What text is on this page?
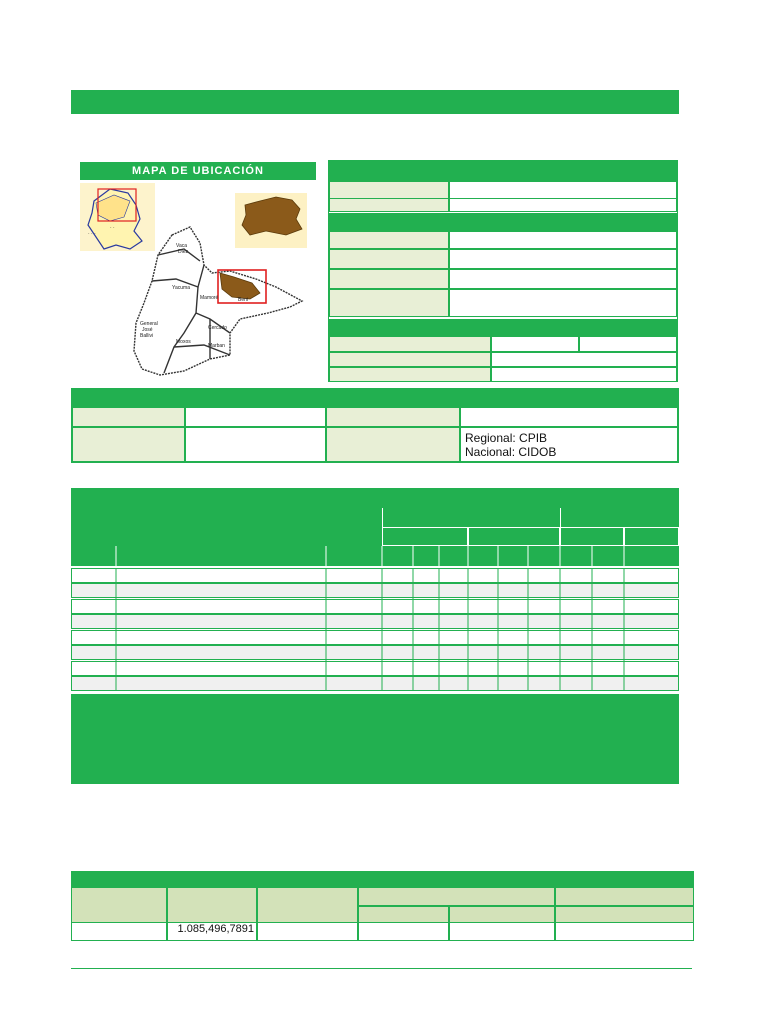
MAPA DE UBICACIÓN
· · ·
· ·
Vaca
Diez
Yacuma
Mamoré	Beni
General
José
Ballivi
Moxos
Cercado
Marban
Regional: CPIB
Nacional: CIDOB
1.085,496,7891
